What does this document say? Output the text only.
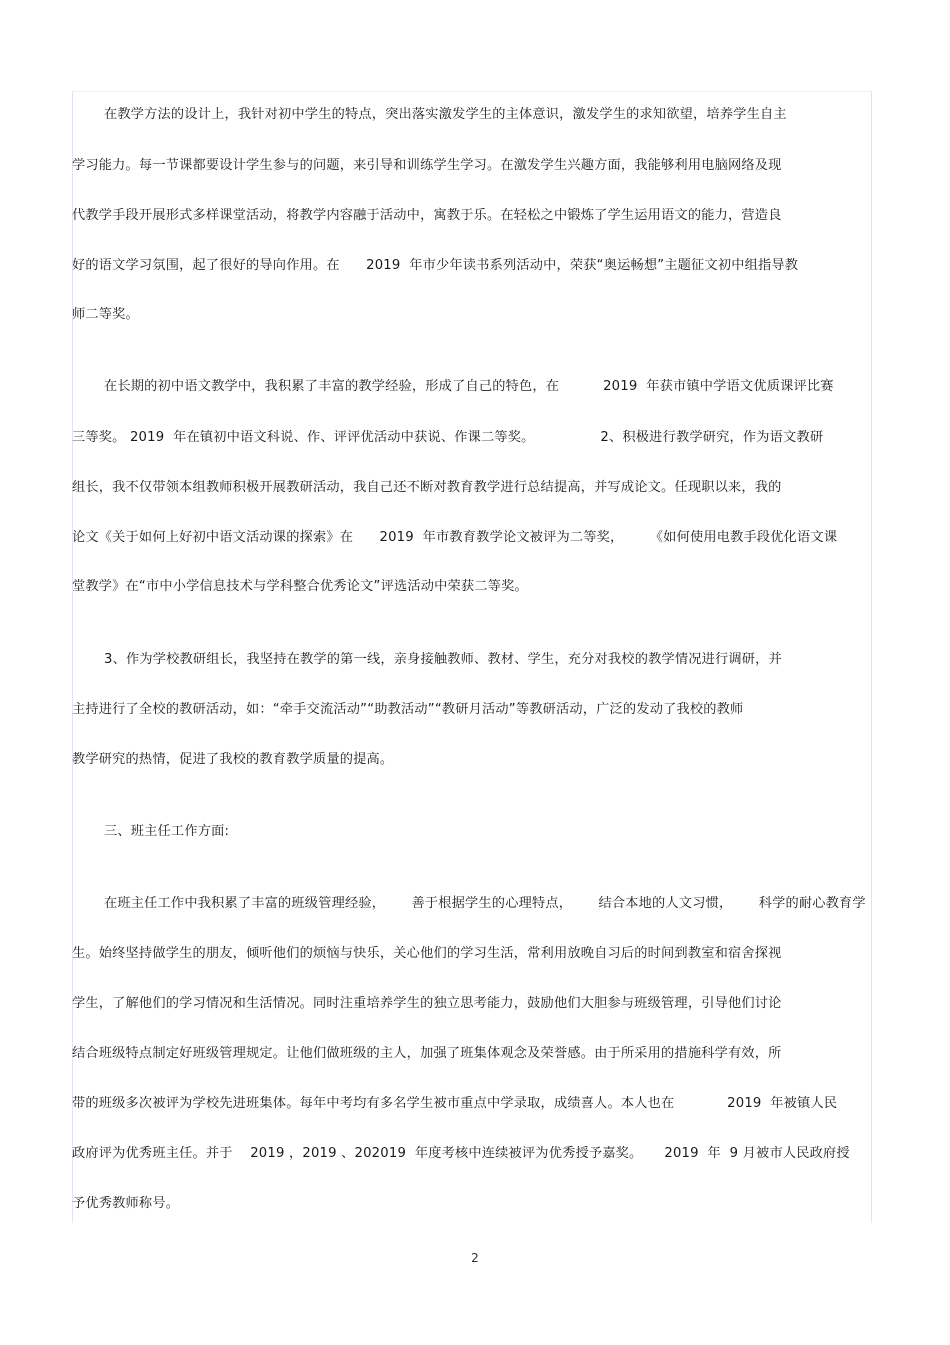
在教学方法的设计上，我针对初中学生的特点，突出落实激发学生的主体意识，激发学生的求知欲望，培养学生自主
学习能力。每一节课都要设计学生参与的问题，来引导和训练学生学习。在激发学生兴趣方面，我能够利用电脑网络及现
代教学手段开展形式多样课堂活动，将教学内容融于活动中，寓教于乐。在轻松之中锻炼了学生运用语文的能力，营造良
好的语文学习氛围，起了很好的导向作用。在      2019  年市少年读书系列活动中，荣获“奥运畅想”主题征文初中组指导教
师二等奖。
在长期的初中语文教学中，我积累了丰富的教学经验，形成了自己的特色，在          2019  年获市镇中学语文优质课评比赛
三等奖。 2019  年在镇初中语文科说、作、评评优活动中获说、作课二等奖。               2、积极进行教学研究，作为语文教研
组长，我不仅带领本组教师积极开展教研活动，我自己还不断对教育教学进行总结提高，并写成论文。任现职以来，我的
论文《关于如何上好初中语文活动课的探索》在      2019  年市教育教学论文被评为二等奖，      《如何使用电教手段优化语文课
堂教学》在“市中小学信息技术与学科整合优秀论文”评选活动中荣获二等奖。
3、作为学校教研组长，我坚持在教学的第一线，亲身接触教师、教材、学生，充分对我校的教学情况进行调研，并
主持进行了全校的教研活动，如：“牵手交流活动”“助教活动”“教研月活动”等教研活动，广泛的发动了我校的教师
教学研究的热情，促进了我校的教育教学质量的提高。
三、班主任工作方面:
在班主任工作中我积累了丰富的班级管理经验，      善于根据学生的心理特点，      结合本地的人文习惯，      科学的耐心教育学
生。始终坚持做学生的朋友，倾听他们的烦恼与快乐，关心他们的学习生活，常利用放晚自习后的时间到教室和宿舍探视
学生，了解他们的学习情况和生活情况。同时注重培养学生的独立思考能力，鼓励他们大胆参与班级管理，引导他们讨论
结合班级特点制定好班级管理规定。让他们做班级的主人，加强了班集体观念及荣誉感。由于所采用的措施科学有效，所
带的班级多次被评为学校先进班集体。每年中考均有多名学生被市重点中学录取，成绩喜人。本人也在            2019  年被镇人民
政府评为优秀班主任。并于    2019 ，2019 、202019  年度考核中连续被评为优秀授予嘉奖。     2019  年  9 月被市人民政府授
予优秀教师称号。
2
